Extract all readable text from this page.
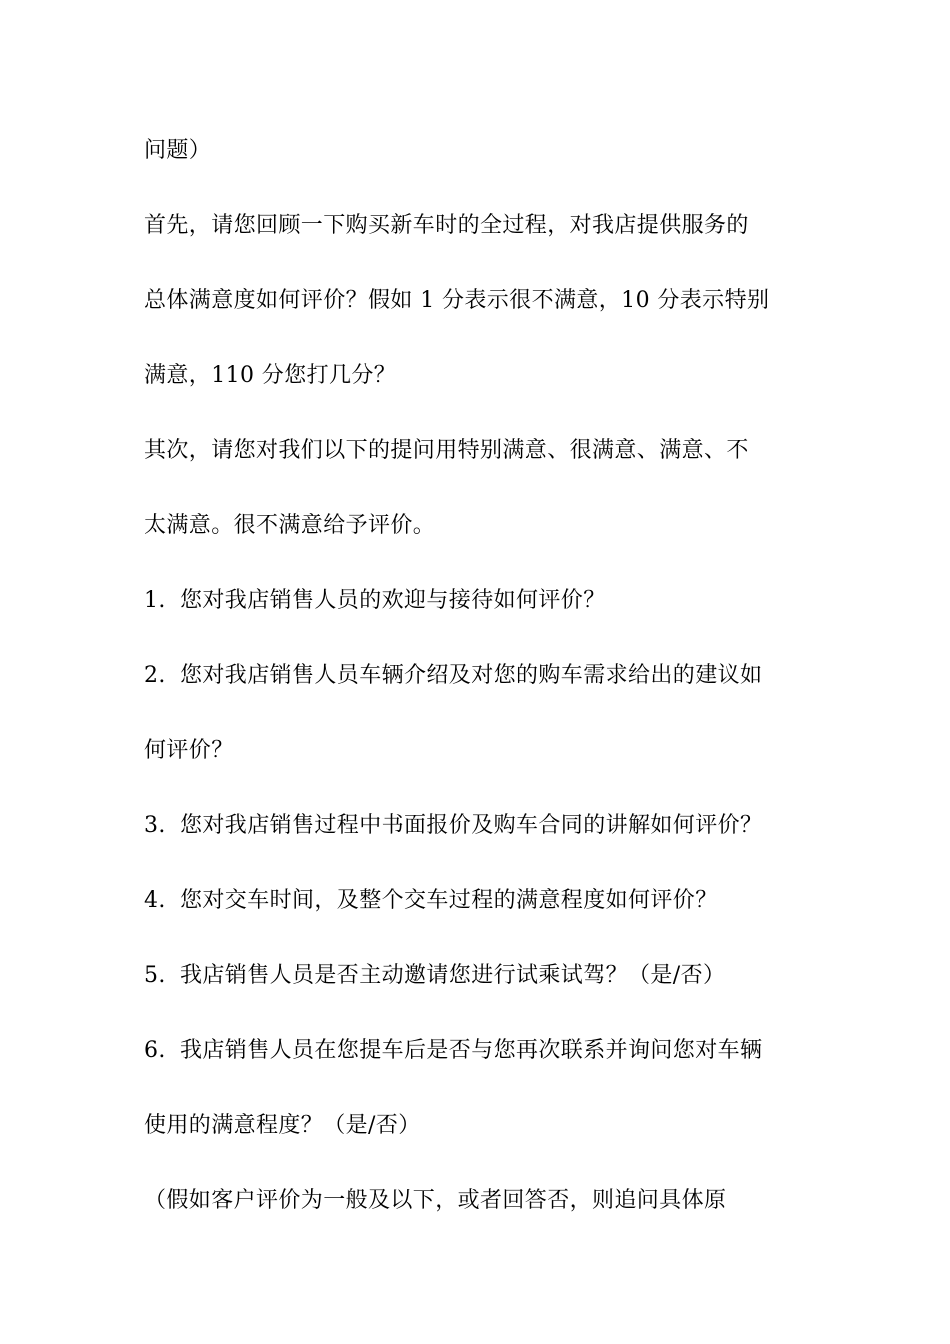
问题）
首先，请您回顾一下购买新车时的全过程，对我店提供服务的
总体满意度如何评价？假如 1 分表示很不满意，10 分表示特别
满意，110 分您打几分？
其次，请您对我们以下的提问用特别满意、很满意、满意、不
太满意。很不满意给予评价。
1. 您对我店销售人员的欢迎与接待如何评价？
2. 您对我店销售人员车辆介绍及对您的购车需求给出的建议如
何评价？
3. 您对我店销售过程中书面报价及购车合同的讲解如何评价？
4. 您对交车时间，及整个交车过程的满意程度如何评价？
5. 我店销售人员是否主动邀请您进行试乘试驾？（是/否）
6. 我店销售人员在您提车后是否与您再次联系并询问您对车辆
使用的满意程度？（是/否）
（假如客户评价为一般及以下，或者回答否，则追问具体原
